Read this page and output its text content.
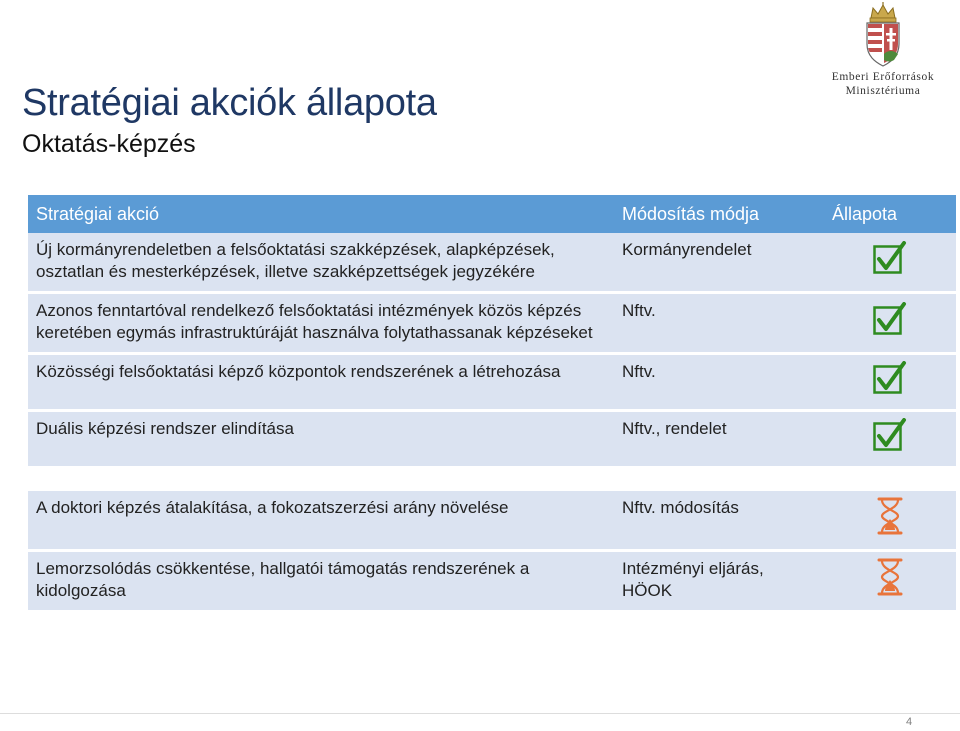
Emberi Erőforrások
Minisztériuma
Stratégiai akciók állapota
Oktatás-képzés
Stratégiai akció	Módosítás módja	Állapota
Új kormányrendeletben a felsőoktatási szakképzések, alapképzések, osztatlan és mesterképzések, illetve szakképzettségek jegyzékére	Kormányrendelet	
Azonos fenntartóval rendelkező felsőoktatási intézmények közös képzés keretében egymás infrastruktúráját használva folytathassanak képzéseket	Nftv.	
Közösségi felsőoktatási képző központok rendszerének a létrehozása	Nftv.	
Duális képzési rendszer elindítása	Nftv., rendelet	

A doktori képzés átalakítása, a fokozatszerzési arány növelése	Nftv. módosítás	
Lemorzsolódás csökkentése, hallgatói támogatás rendszerének a kidolgozása	Intézményi eljárás, HÖOK	
4
